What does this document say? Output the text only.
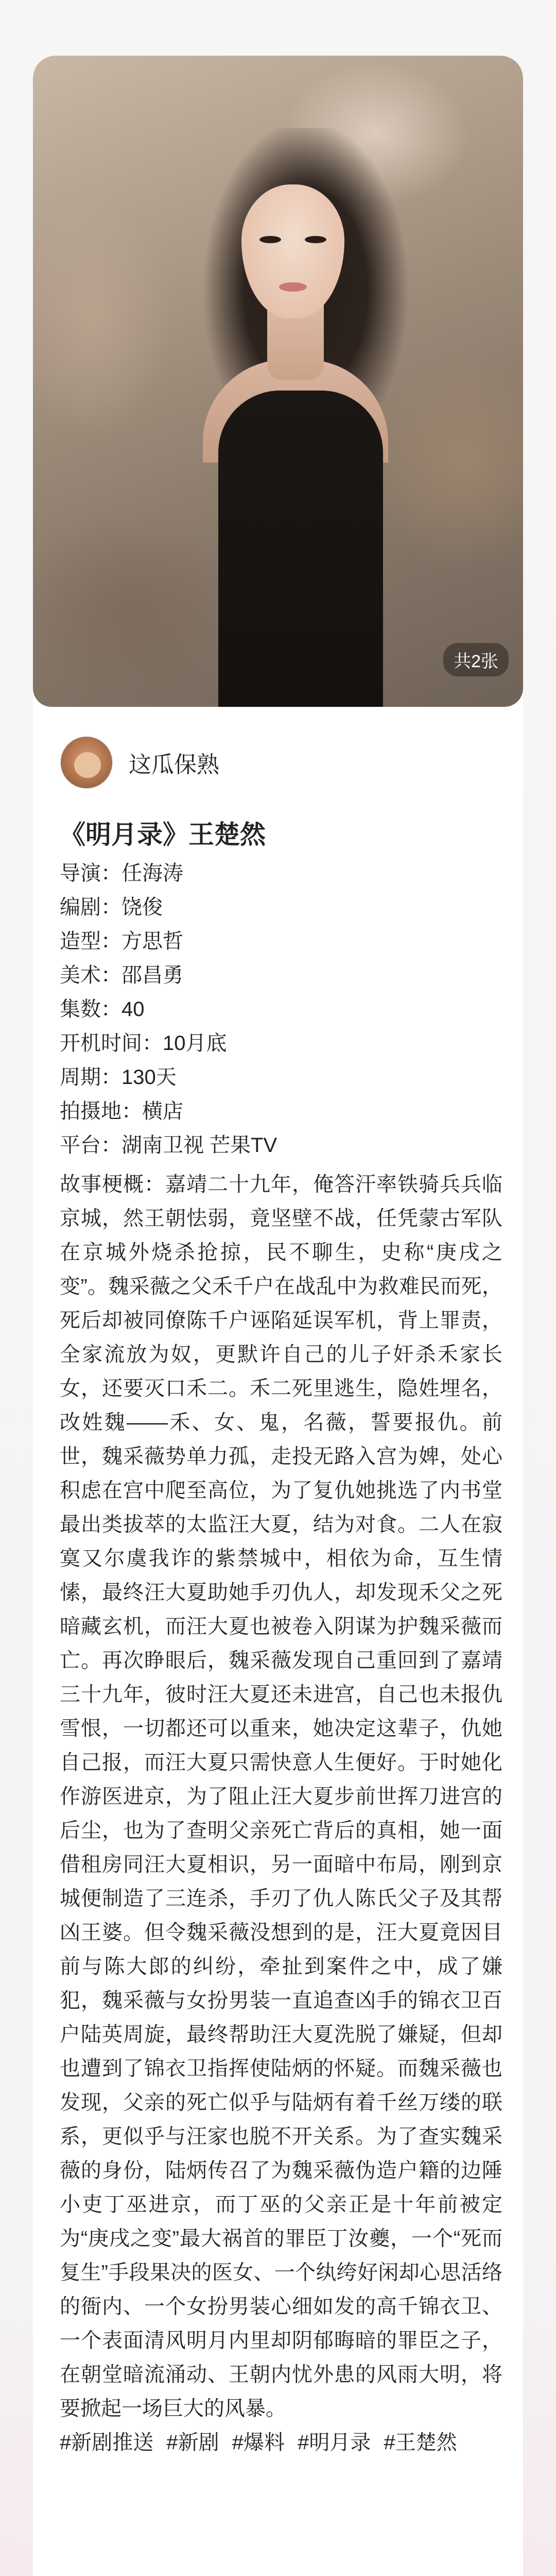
共2张
这瓜保熟
《明月录》王楚然
导演：任海涛
编剧：饶俊
造型：方思哲
美术：邵昌勇
集数：40
开机时间：10月底
周期：130天
拍摄地：横店
平台：湖南卫视 芒果TV
故事梗概：嘉靖二十九年，俺答汗率铁骑兵兵临京城，然王朝怯弱，竟坚壁不战，任凭蒙古军队在京城外烧杀抢掠，民不聊生，史称“庚戌之变”。魏采薇之父禾千户在战乱中为救难民而死，死后却被同僚陈千户诬陷延误军机，背上罪责，全家流放为奴，更默许自己的儿子奸杀禾家长女，还要灭口禾二。禾二死里逃生，隐姓埋名，改姓魏——禾、女、鬼，名薇，誓要报仇。前世，魏采薇势单力孤，走投无路入宫为婢，处心积虑在宫中爬至高位，为了复仇她挑选了内书堂最出类拔萃的太监汪大夏，结为对食。二人在寂寞又尔虞我诈的紫禁城中，相依为命，互生情愫，最终汪大夏助她手刃仇人，却发现禾父之死暗藏玄机，而汪大夏也被卷入阴谋为护魏采薇而亡。再次睁眼后，魏采薇发现自己重回到了嘉靖三十九年，彼时汪大夏还未进宫，自己也未报仇雪恨，一切都还可以重来，她决定这辈子，仇她自己报，而汪大夏只需快意人生便好。于时她化作游医进京，为了阻止汪大夏步前世挥刀进宫的后尘，也为了查明父亲死亡背后的真相，她一面借租房同汪大夏相识，另一面暗中布局，刚到京城便制造了三连杀，手刃了仇人陈氏父子及其帮凶王婆。但令魏采薇没想到的是，汪大夏竟因目前与陈大郎的纠纷，牵扯到案件之中，成了嫌犯，魏采薇与女扮男装一直追查凶手的锦衣卫百户陆英周旋，最终帮助汪大夏洗脱了嫌疑，但却也遭到了锦衣卫指挥使陆炳的怀疑。而魏采薇也发现，父亲的死亡似乎与陆炳有着千丝万缕的联系，更似乎与汪家也脱不开关系。为了查实魏采薇的身份，陆炳传召了为魏采薇伪造户籍的边陲小吏丁巫进京，而丁巫的父亲正是十年前被定为“庚戌之变”最大祸首的罪臣丁汝夔，一个“死而复生”手段果决的医女、一个纨绔好闲却心思活络的衙内、一个女扮男装心细如发的高千锦衣卫、一个表面清风明月内里却阴郁晦暗的罪臣之子，在朝堂暗流涌动、王朝内忧外患的风雨大明，将要掀起一场巨大的风暴。
#新剧推送 #新剧 #爆料 #明月录 #王楚然
